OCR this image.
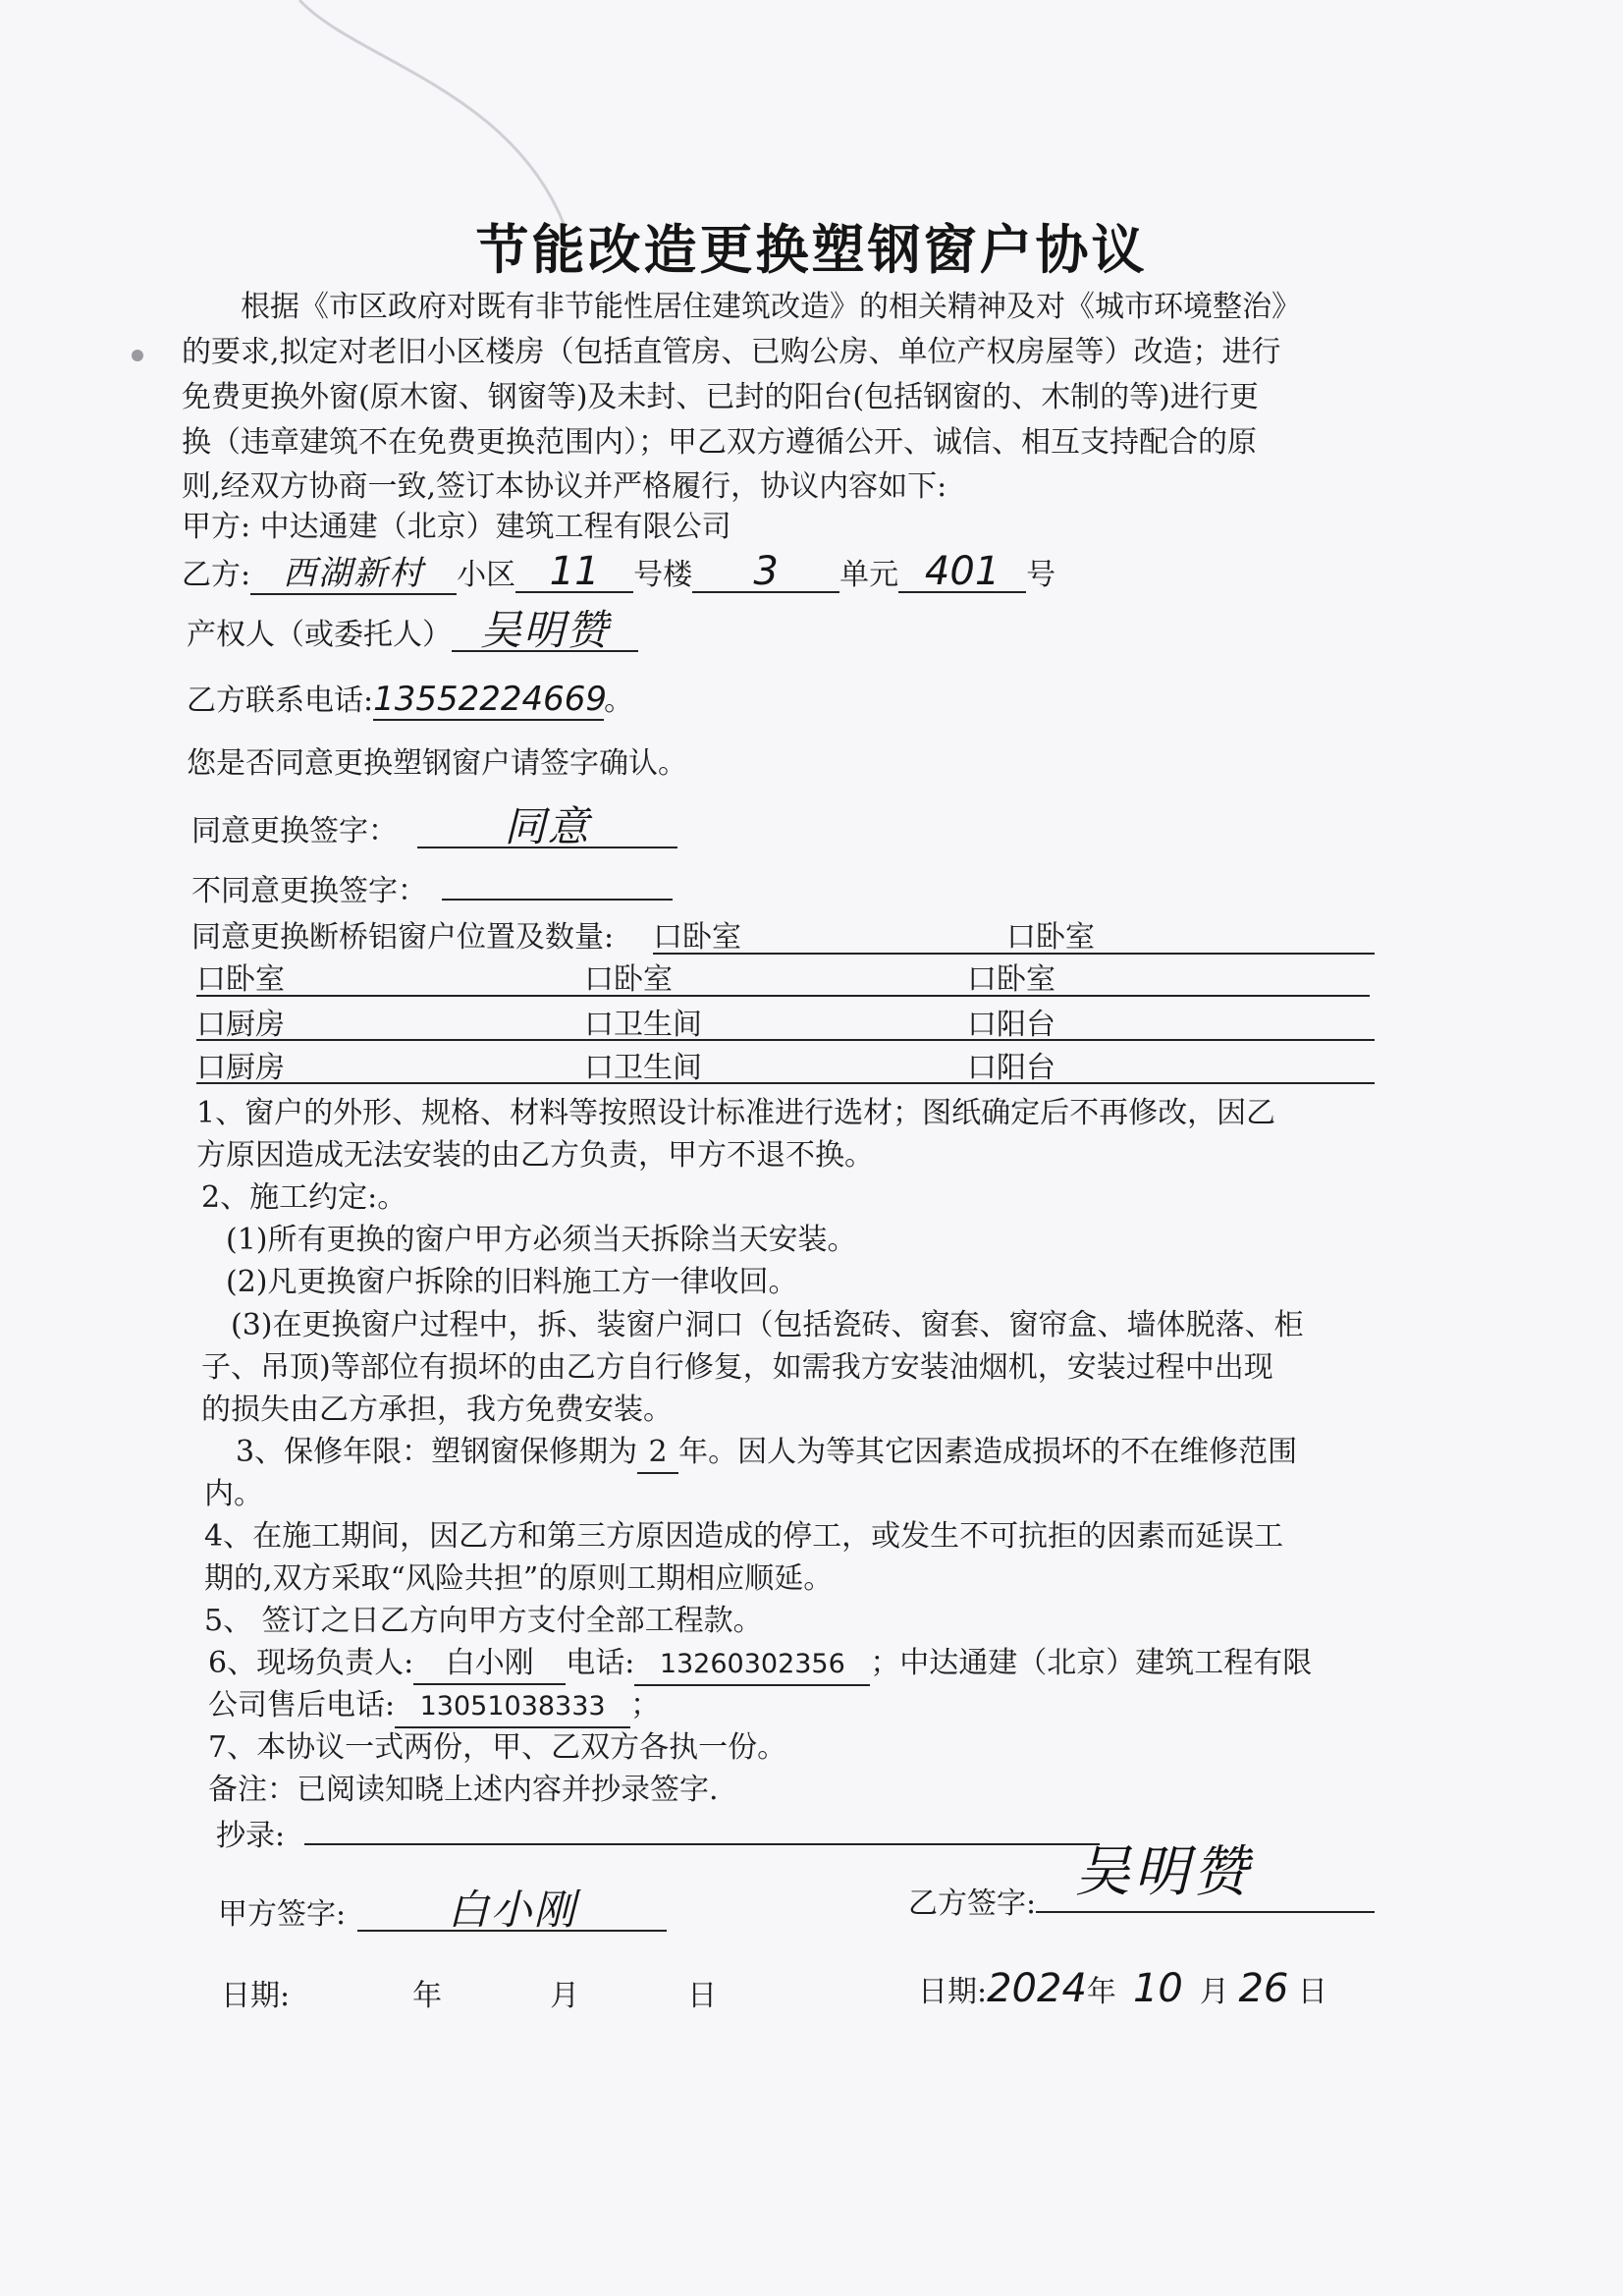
节能改造更换塑钢窗户协议
根据《市区政府对既有非节能性居住建筑改造》的相关精神及对《城市环境整治》
的要求,拟定对老旧小区楼房（包括直管房、已购公房、单位产权房屋等）改造；进行
免费更换外窗(原木窗、钢窗等)及未封、已封的阳台(包括钢窗的、木制的等)进行更
换（违章建筑不在免费更换范围内）；甲乙双方遵循公开、诚信、相互支持配合的原
则,经双方协商一致,签订本协议并严格履行，协议内容如下:
甲方: 中达通建（北京）建筑工程有限公司
乙方: 西湖新村 小区 11 号楼 3 单元 401 号
产权人（或委托人） 吴明赞
乙方联系电话:13552224669。
您是否同意更换塑钢窗户请签字确认。
同意更换签字：	同意
不同意更换签字：
同意更换断桥铝窗户位置及数量: 口卧室	口卧室
口卧室	口卧室	口卧室
口厨房	口卫生间	口阳台
口厨房	口卫生间	口阳台
1、窗户的外形、规格、材料等按照设计标准进行选材；图纸确定后不再修改，因乙
方原因造成无法安装的由乙方负责，甲方不退不换。
2、施工约定:。
(1)所有更换的窗户甲方必须当天拆除当天安装。
(2)凡更换窗户拆除的旧料施工方一律收回。
(3)在更换窗户过程中，拆、装窗户洞口（包括瓷砖、窗套、窗帘盒、墙体脱落、柜
子、吊顶)等部位有损坏的由乙方自行修复，如需我方安装油烟机，安装过程中出现
的损失由乙方承担，我方免费安装。
3、保修年限：塑钢窗保修期为 2 年。因人为等其它因素造成损坏的不在维修范围
内。
4、在施工期间，因乙方和第三方原因造成的停工，或发生不可抗拒的因素而延误工
期的,双方采取“风险共担”的原则工期相应顺延。
5、 签订之日乙方向甲方支付全部工程款。
6、现场负责人: 白小刚 电话: 13260302356 ；中达通建（北京）建筑工程有限
公司售后电话: 13051038333 ；
7、本协议一式两份，甲、乙双方各执一份。
备注：已阅读知晓上述内容并抄录签字.
抄录:
甲方签字: 白小刚	乙方签字: 吴明赞
日期:	年	月	日	日期:2024年 10 月 26 日
